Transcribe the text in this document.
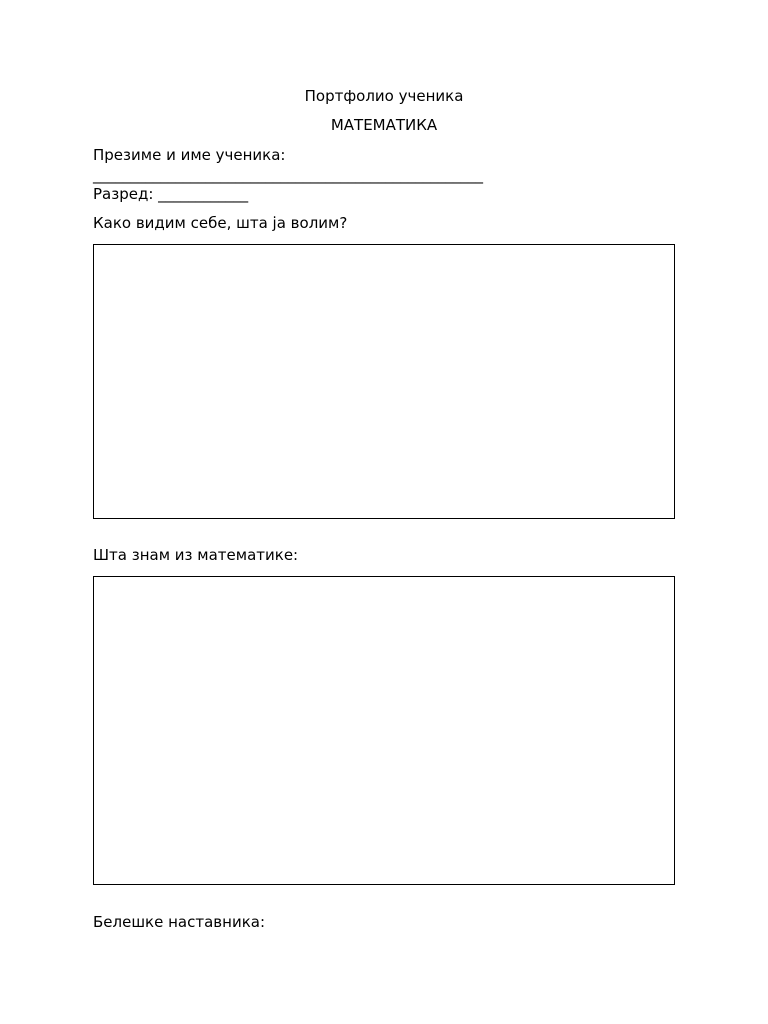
Портфолио ученика
МАТЕМАТИКА
Презиме и име ученика:
____________________________________________________
Разред: ____________
Како видим себе, шта ја волим?
Шта знам из математике:
Белешке наставника:
